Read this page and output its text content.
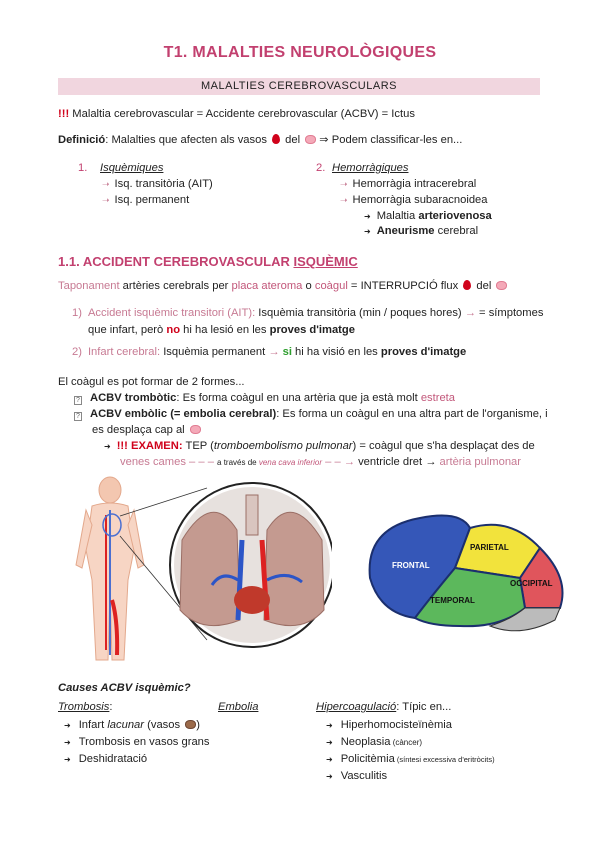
T1. MALALTIES NEUROLÒGIQUES
MALALTIES CEREBROVASCULARS
!!! Malaltia cerebrovascular = Accidente cerebrovascular (ACBV) = Ictus
Definició: Malalties que afecten als vasos  del  ⇒ Podem classificar-les en...
1. Isquèmiques
➝ Isq. transitòria (AIT)
➝ Isq. permanent
2. Hemorràgiques
➝ Hemorràgia intracerebral
➝ Hemorràgia subaracnoidea
➜ Malaltia arteriovenosa
➜ Aneurisme cerebral
1.1. ACCIDENT CEREBROVASCULAR ISQUÈMIC
Taponament artèries cerebrals per placa ateroma o coàgul = INTERRUPCIÓ flux  del
1) Accident isquèmic transitori (AIT): Isquèmia transitòria (min / poques hores) → = símptomes
que infart, però no hi ha lesió en les proves d'imatge
2) Infart cerebral: Isquèmia permanent → si hi ha visió en les proves d'imatge
El coàgul es pot formar de 2 formes...
? ACBV trombòtic: Es forma coàgul en una artèria que ja està molt estreta
? ACBV embòlic (= embolia cerebral): Es forma un coàgul en una altra part de l'organisme, i
es desplaça cap al
➜ !!! EXAMEN: TEP (tromboembolismo pulmonar) = coàgul que s'ha desplaçat des de
venes cames – – – a través de vena cava inferior – – → ventricle dret → artèria pulmonar
PARIETAL
FRONTAL
OCCIPITAL
TEMPORAL
Causes ACBV isquèmic?
Trombosis:	Embolia	Hipercoagulació: Típic en...
➜ Infart lacunar (vasos )
➜ Trombosis en vasos grans
➜ Deshidratació
➜ Hiperhomocisteïnèmia
➜ Neoplasia (càncer)
➜ Policitèmia (síntesi excessiva d'eritròcits)
➜ Vasculitis
